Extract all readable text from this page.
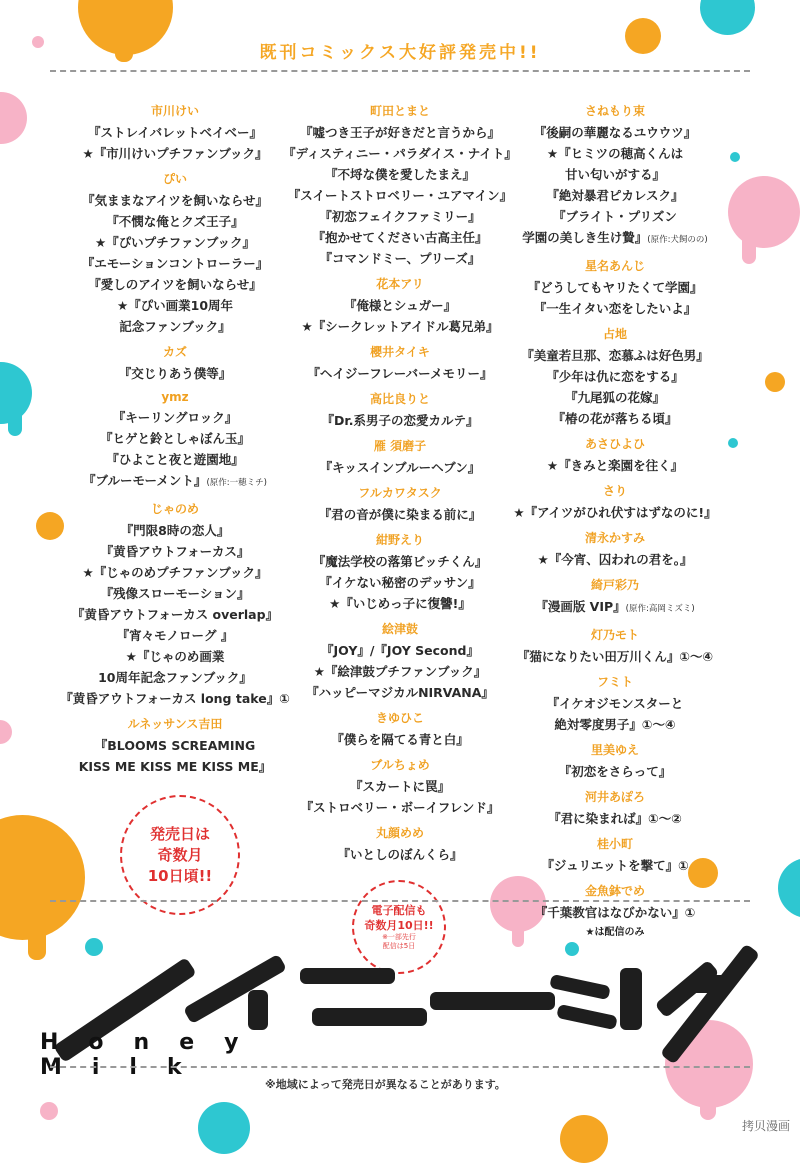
既刊コミックス大好評発売中!!
市川けい
『ストレイバレットベイベー』
★『市川けいプチファンブック』
ぴい
『気ままなアイツを飼いならせ』
『不憫な俺とクズ王子』
★『ぴいプチファンブック』
『エモーションコントローラー』
『愛しのアイツを飼いならせ』
★『ぴい画業10周年
記念ファンブック』
カズ
『交じりあう僕等』
ymz
『キーリングロック』
『ヒゲと鈴としゃぼん玉』
『ひよこと夜と遊園地』
『ブルーモーメント』(原作:一穂ミチ)
じゃのめ
『門限8時の恋人』
『黄昏アウトフォーカス』
★『じゃのめプチファンブック』
『残像スローモーション』
『黄昏アウトフォーカス overlap』
『宵々モノローグ 』
★『じゃのめ画業
10周年記念ファンブック』
『黄昏アウトフォーカス long take』①
ルネッサンス吉田
『BLOOMS SCREAMING
KISS ME KISS ME KISS ME』
町田とまと
『嘘つき王子が好きだと言うから』
『ディスティニー・パラダイス・ナイト』
『不埒な僕を愛したまえ』
『スイートストロベリー・ユアマイン』
『初恋フェイクファミリー』
『抱かせてください古高主任』
『コマンドミー、プリーズ』
花本アリ
『俺様とシュガー』
★『シークレットアイドル葛兄弟』
櫻井タイキ
『ヘイジーフレーバーメモリー』
高比良りと
『Dr.系男子の恋愛カルテ』
雁 須磨子
『キッスインブルーヘブン』
フルカワタスク
『君の音が僕に染まる前に』
紺野えり
『魔法学校の落第ビッチくん』
『イケない秘密のデッサン』
★『いじめっ子に復讐!』
絵津鼓
『JOY』/『JOY Second』
★『絵津鼓プチファンブック』
『ハッピーマジカルNIRVANA』
きゆひこ
『僕らを隔てる青と白』
ブルちょめ
『スカートに罠』
『ストロベリー・ボーイフレンド』
丸顔めめ
『いとしのぼんくら』
さねもり束
『後嗣の華麗なるユウウツ』
★『ヒミツの穂高くんは
甘い匂いがする』
『絶対暴君ピカレスク』
『ブライト・プリズン
学園の美しき生け贄』(原作:犬飼のの)
星名あんじ
『どうしてもヤリたくて学園』
『一生イタい恋をしたいよ』
占地
『美童若旦那、恋慕ふは好色男』
『少年は仇に恋をする』
『九尾狐の花嫁』
『椿の花が落ちる頃』
あさひよひ
★『きみと楽園を往く』
さり
★『アイツがひれ伏すはずなのに!』
清永かすみ
★『今宵、囚われの君を。』
綺戸彩乃
『漫画版 VIP』(原作:高岡ミズミ)
灯乃モト
『猫になりたい田万川くん』①～④
フミト
『イケオジモンスターと
絶対零度男子』①～④
里美ゆえ
『初恋をさらって』
河井あぽろ
『君に染まれば』①～②
桂小町
『ジュリエットを撃て』①
金魚鉢でめ
『千葉教官はなびかない』①
★は配信のみ
発売日は
奇数月
10日頃!!
電子配信も
奇数月10日!!
※一部先行
配信は5日
Honey Milk
※地域によって発売日が異なることがあります。
拷贝漫画
